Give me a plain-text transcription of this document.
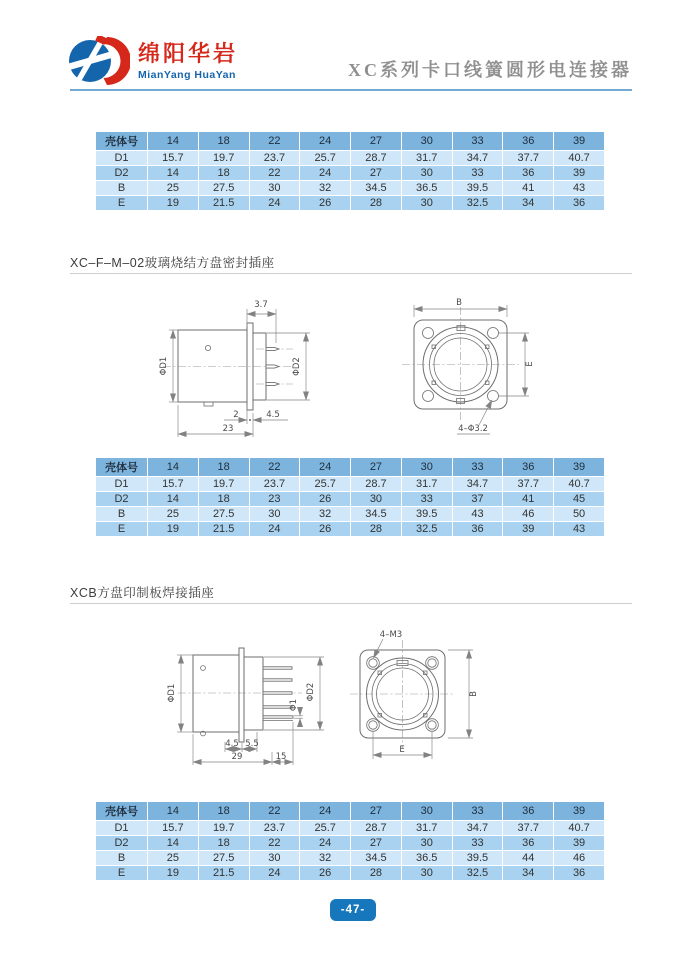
绵阳华岩
MianYang HuaYan	XC系列卡口线簧圆形电连接器
壳体号	14	18	22	24	27	30	33	36	39
D1	15.7	19.7	23.7	25.7	28.7	31.7	34.7	37.7	40.7
D2	14	18	22	24	27	30	33	36	39
B	25	27.5	30	32	34.5	36.5	39.5	41	43
E	19	21.5	24	26	28	30	32.5	34	36
XC–F–M–02玻璃烧结方盘密封插座
3.7
ΦD1	ΦD2
2	4.5
23
B
E
4–Φ3.2
壳体号	14	18	22	24	27	30	33	36	39
D1	15.7	19.7	23.7	25.7	28.7	31.7	34.7	37.7	40.7
D2	14	18	23	26	30	33	37	41	45
B	25	27.5	30	32	34.5	39.5	43	46	50
E	19	21.5	24	26	28	32.5	36	39	43
XCB方盘印制板焊接插座
ΦD1	ΦD2
Φ1
4.5 5.5
29	15
4–M3
B
E
壳体号	14	18	22	24	27	30	33	36	39
D1	15.7	19.7	23.7	25.7	28.7	31.7	34.7	37.7	40.7
D2	14	18	22	24	27	30	33	36	39
B	25	27.5	30	32	34.5	36.5	39.5	44	46
E	19	21.5	24	26	28	30	32.5	34	36
-47-
